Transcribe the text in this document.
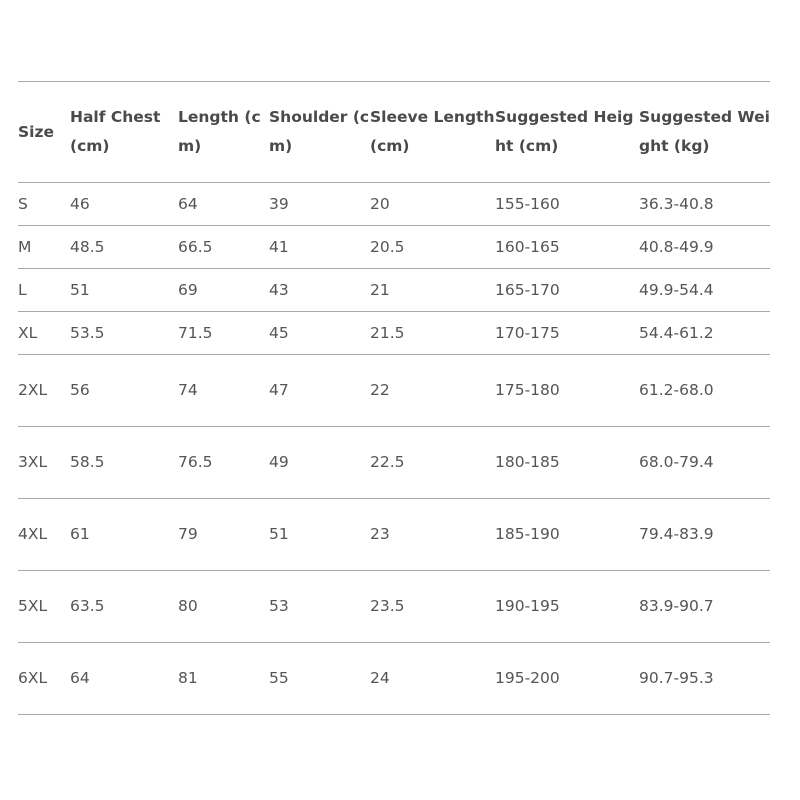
Size	Half Chest (cm)	Length (cm)	Shoulder (cm)	Sleeve Length (cm)	Suggested Height (cm)	Suggested Weight (kg)
S	46	64	39	20	155-160	36.3-40.8
M	48.5	66.5	41	20.5	160-165	40.8-49.9
L	51	69	43	21	165-170	49.9-54.4
XL	53.5	71.5	45	21.5	170-175	54.4-61.2
2XL	56	74	47	22	175-180	61.2-68.0
3XL	58.5	76.5	49	22.5	180-185	68.0-79.4
4XL	61	79	51	23	185-190	79.4-83.9
5XL	63.5	80	53	23.5	190-195	83.9-90.7
6XL	64	81	55	24	195-200	90.7-95.3
